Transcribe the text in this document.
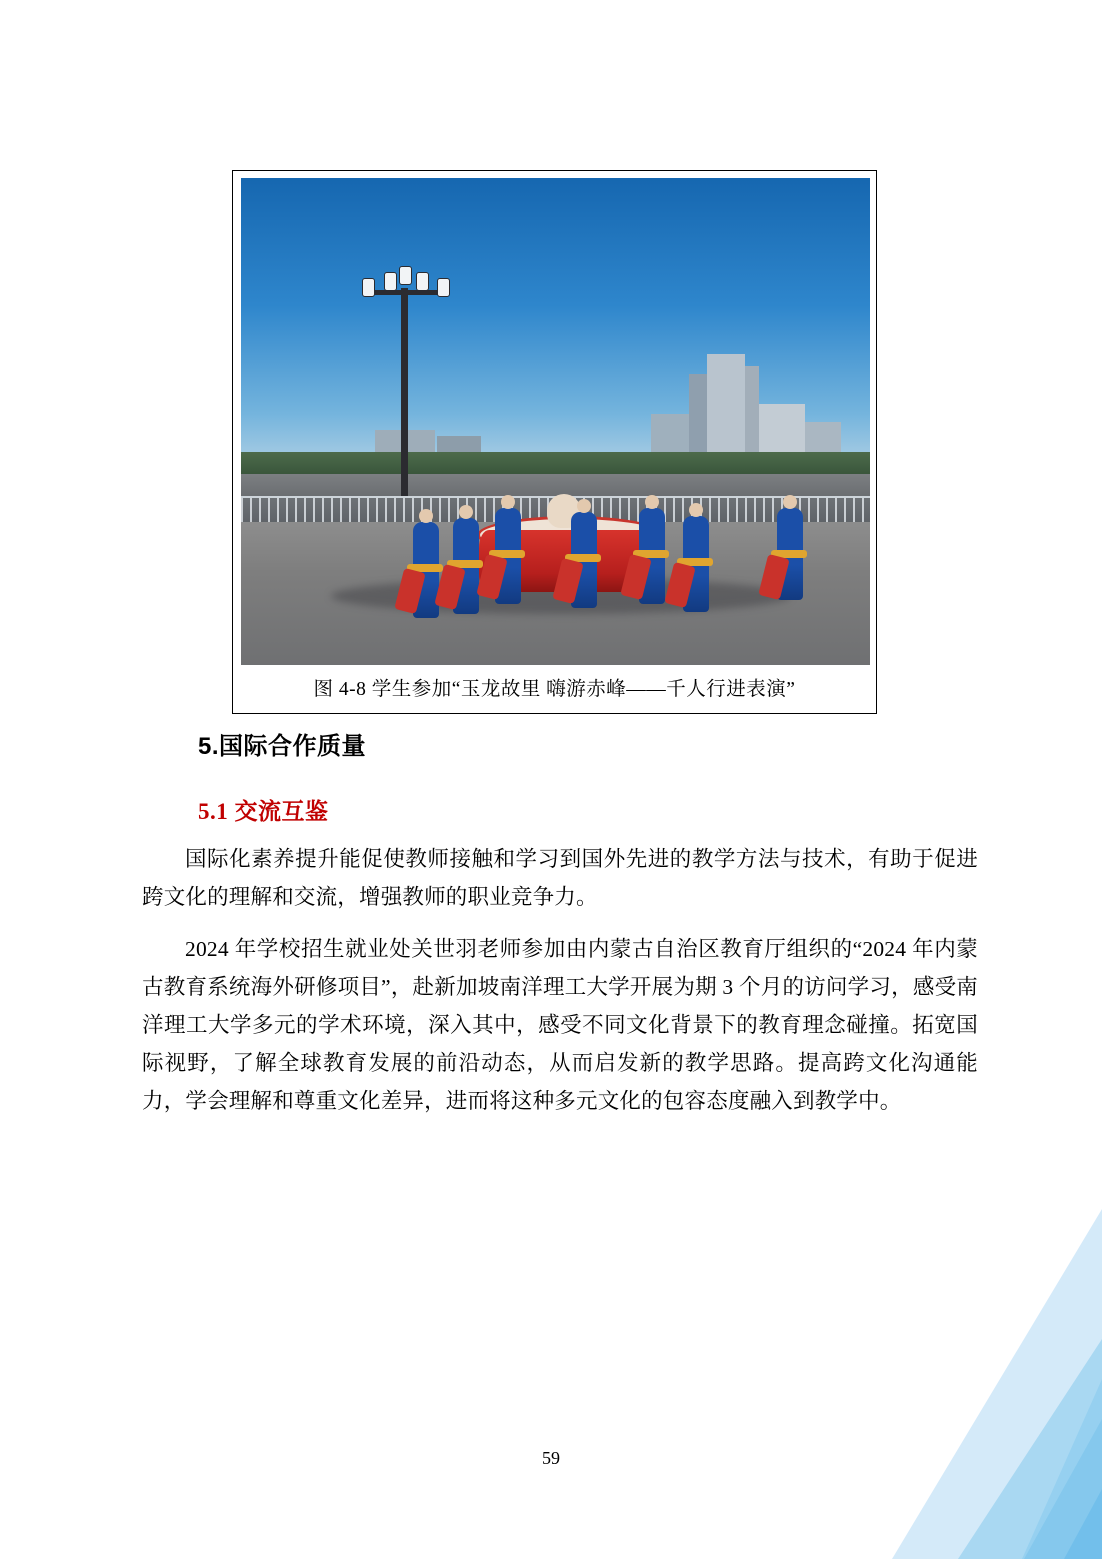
图 4-8 学生参加“玉龙故里 嗨游赤峰——千人行进表演”
5.国际合作质量
5.1 交流互鉴

国际化素养提升能促使教师接触和学习到国外先进的教学方法与技术，有助于促进跨文化的理解和交流，增强教师的职业竞争力。

2024 年学校招生就业处关世羽老师参加由内蒙古自治区教育厅组织的“2024 年内蒙古教育系统海外研修项目”，赴新加坡南洋理工大学开展为期 3 个月的访问学习，感受南洋理工大学多元的学术环境，深入其中，感受不同文化背景下的教育理念碰撞。拓宽国际视野，了解全球教育发展的前沿动态，从而启发新的教学思路。提高跨文化沟通能力，学会理解和尊重文化差异，进而将这种多元文化的包容态度融入到教学中。

59
